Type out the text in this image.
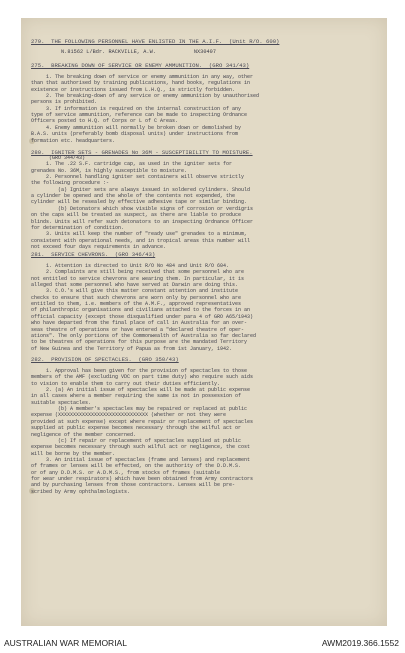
279.  THE FOLLOWING PERSONNEL HAVE ENLISTED IN THE A.I.F.  (Unit R/O. 600)
N.81562 L/Bdr. RACKVILLE, A.W.            NX30407
275.  BREAKING DOWN OF SERVICE OR ENEMY AMMUNITION.  (GRO 341/43)
1. The breaking down of service or enemy ammunition in any way, other
than that authorised by training publications, hand books, regulations in
existence or instructions issued from L.H.Q., is strictly forbidden.
2. The breaking-down of any service or enemy ammunition by unauthorised
persons is prohibited.
3. If information is required on the internal construction of any
type of service ammunition, reference can be made to inspecting Ordnance
Officers posted to H.Q. of Corps or L of C Areas.
4. Enemy ammunition will normally be broken down or demolished by
B.A.S. units (preferably bomb disposal units) under instructions from
formation etc. headquarters.
280.  IGNITER SETS - GRENADES No 36M - SUSCEPTIBILITY TO MOISTURE.
(GRO 344/43)
1. The .22 S.F. cartridge cap, as used in the igniter sets for
grenades No. 36M, is highly susceptible to moisture.
2. Personnel handling igniter set containers will observe strictly
the following procedure :-
(a) Igniter sets are always issued in soldered cylinders. Should
a cylinder be opened and the whole of the contents not expended, the
cylinder will be resealed by effective adhesive tape or similar binding.
(b) Detonators which show visible signs of corrosion or verdigris
on the caps will be treated as suspect, as there are liable to produce
blinds. Units will refer such detonators to an inspecting Ordnance Officer
for determination of condition.
3. Units will keep the number of "ready use" grenades to a minimum,
consistent with operational needs, and in tropical areas this number will
not exceed four days requirements in advance.
281.  SERVICE CHEVRONS.  (GRO 346/43)
1. Attention is directed to Unit R/O No 484 and Unit R/O 604.
2. Complaints are still being received that some personnel who are
not entitled to service chevrons are wearing them. In particular, it is
alleged that some personnel who have served at Darwin are doing this.
3. C.O.'s will give this matter constant attention and institute
checks to ensure that such chevrons are worn only by personnel who are
entitled to them, i.e. members of the A.M.F., approved representatives
of philanthropic organisations and civilians attached to the forces in an
official capacity (except those disqualified under para 4 of GRO A65/1943)
who have departed from the final place of call in Australia for an over-
seas theatre of operations or have entered a "declared theatre of oper-
ations". The only portions of the Commonwealth of Australia so far declared
to be theatres of operations for this purpose are the mandated Territory
of New Guinea and the Territory of Papua as from 1st January, 1942.
282.  PROVISION OF SPECTACLES.  (GRO 350/43)
1. Approval has been given for the provision of spectacles to those
members of the AMF (excluding VDC on part time duty) who require such aids
to vision to enable them to carry out their duties efficiently.
2. (a) An initial issue of spectacles will be made at public expense
in all cases where a member requiring the same is not in possession of
suitable spectacles.
(b) A member's spectacles may be repaired or replaced at public
expense (XXXXXXXXXXXXXXXXXXXXXXXXXXXXXX (whether or not they were
provided at such expense) except where repair or replacement of spectacles
supplied at public expense becomes necessary through the wilful act or
negligence of the member concerned.
(c) If repair or replacement of spectacles supplied at public
expense becomes necessary through such wilful act or negligence, the cost
will be borne by the member.
3. An initial issue of spectacles (frame and lenses) and replacement
of frames or lenses will be effected, on the authority of the D.D.M.S.
or of any D.D.M.S. or A.D.M.S., from stocks of frames (suitable
for wear under respirators) which have been obtained from Army contractors
and by purchasing lenses from those contractors. Lenses will be pre-
scribed by Army ophthalmologists.
AUSTRALIAN WAR MEMORIAL	AWM2019.366.1552
